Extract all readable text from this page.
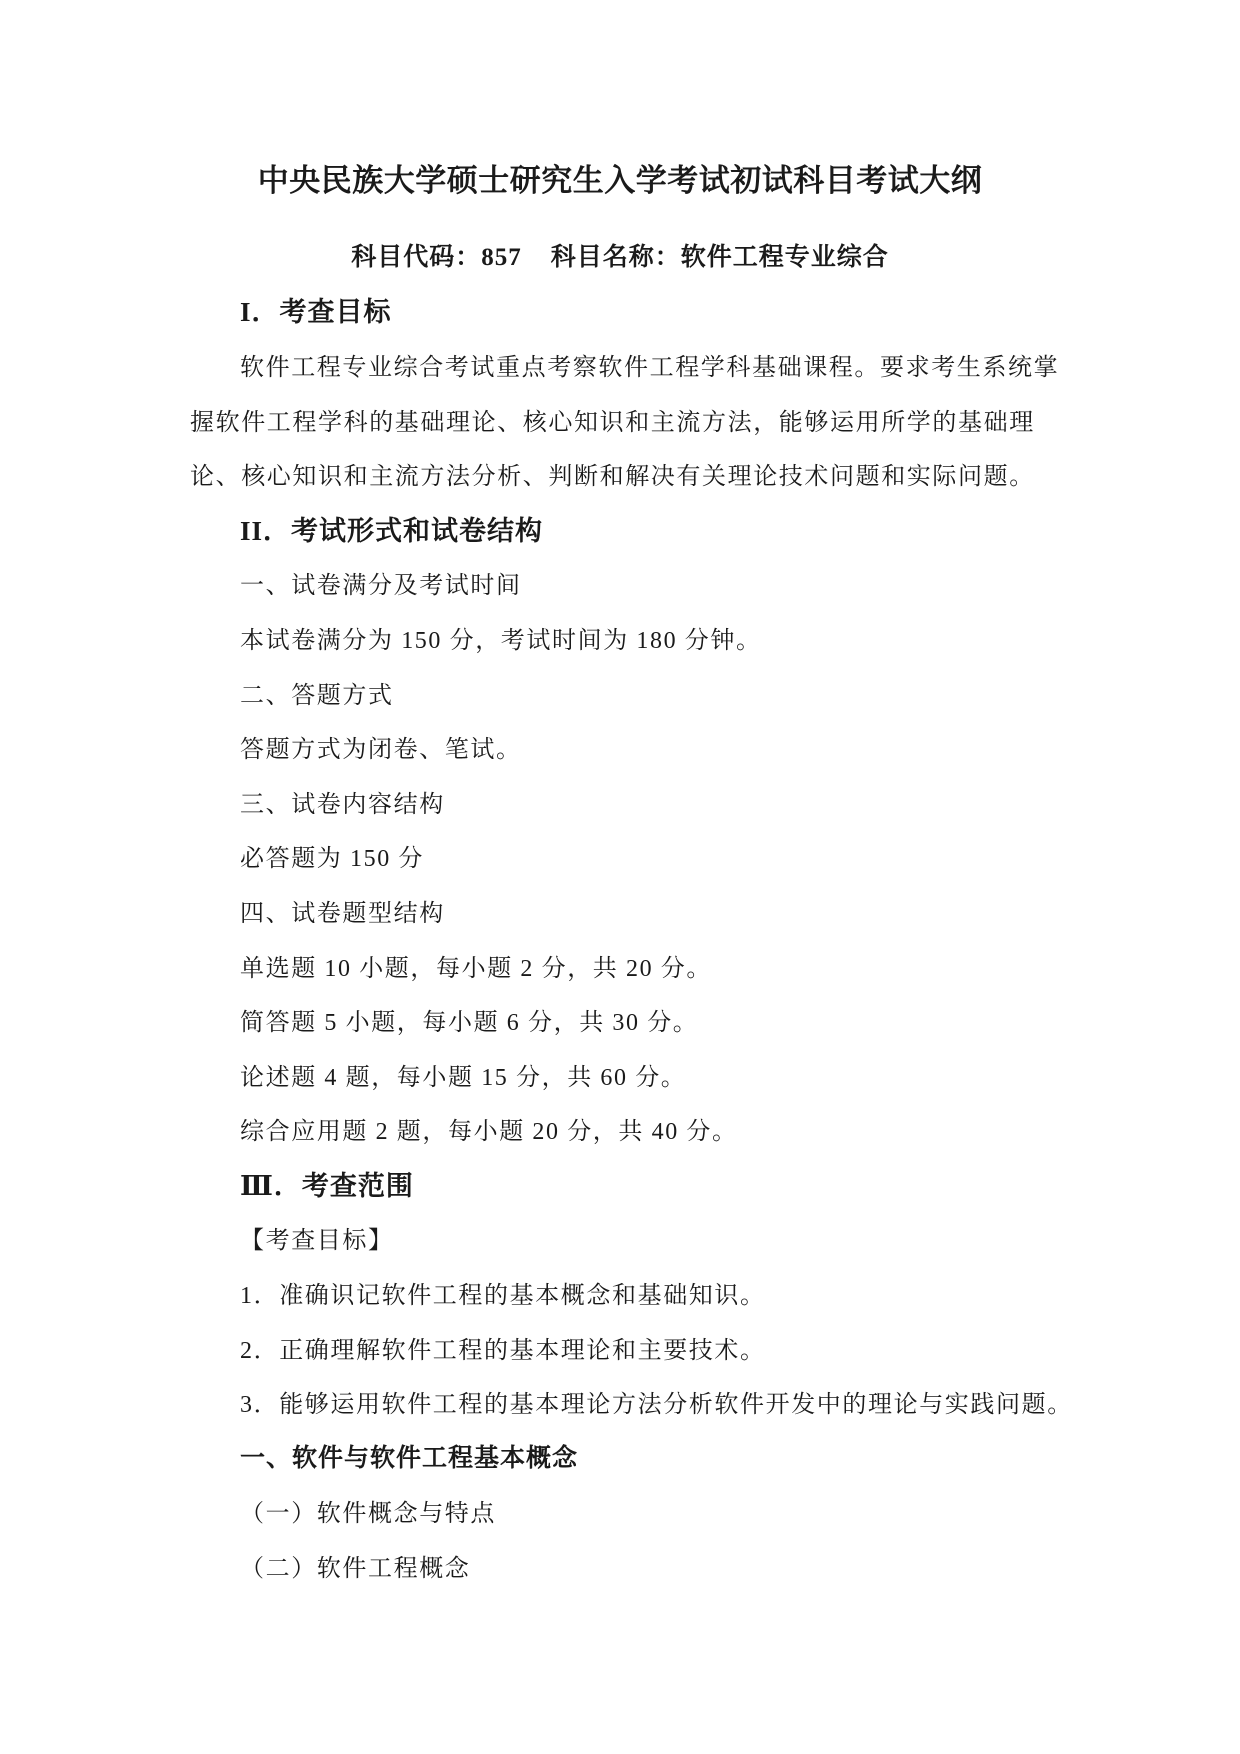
中央民族大学硕士研究生入学考试初试科目考试大纲
科目代码：857    科目名称：软件工程专业综合
I．考查目标
软件工程专业综合考试重点考察软件工程学科基础课程。要求考生系统掌
握软件工程学科的基础理论、核心知识和主流方法，能够运用所学的基础理
论、核心知识和主流方法分析、判断和解决有关理论技术问题和实际问题。
II．考试形式和试卷结构
一、试卷满分及考试时间
本试卷满分为 150 分，考试时间为 180 分钟。
二、答题方式
答题方式为闭卷、笔试。
三、试卷内容结构
必答题为 150 分
四、试卷题型结构
单选题 10 小题，每小题 2 分，共 20 分。
简答题 5 小题，每小题 6 分，共 30 分。
论述题 4 题，每小题 15 分，共 60 分。
综合应用题 2 题，每小题 20 分，共 40 分。
Ⅲ．考查范围
【考查目标】
1．准确识记软件工程的基本概念和基础知识。
2．正确理解软件工程的基本理论和主要技术。
3．能够运用软件工程的基本理论方法分析软件开发中的理论与实践问题。
一、软件与软件工程基本概念
（一）软件概念与特点
（二）软件工程概念
